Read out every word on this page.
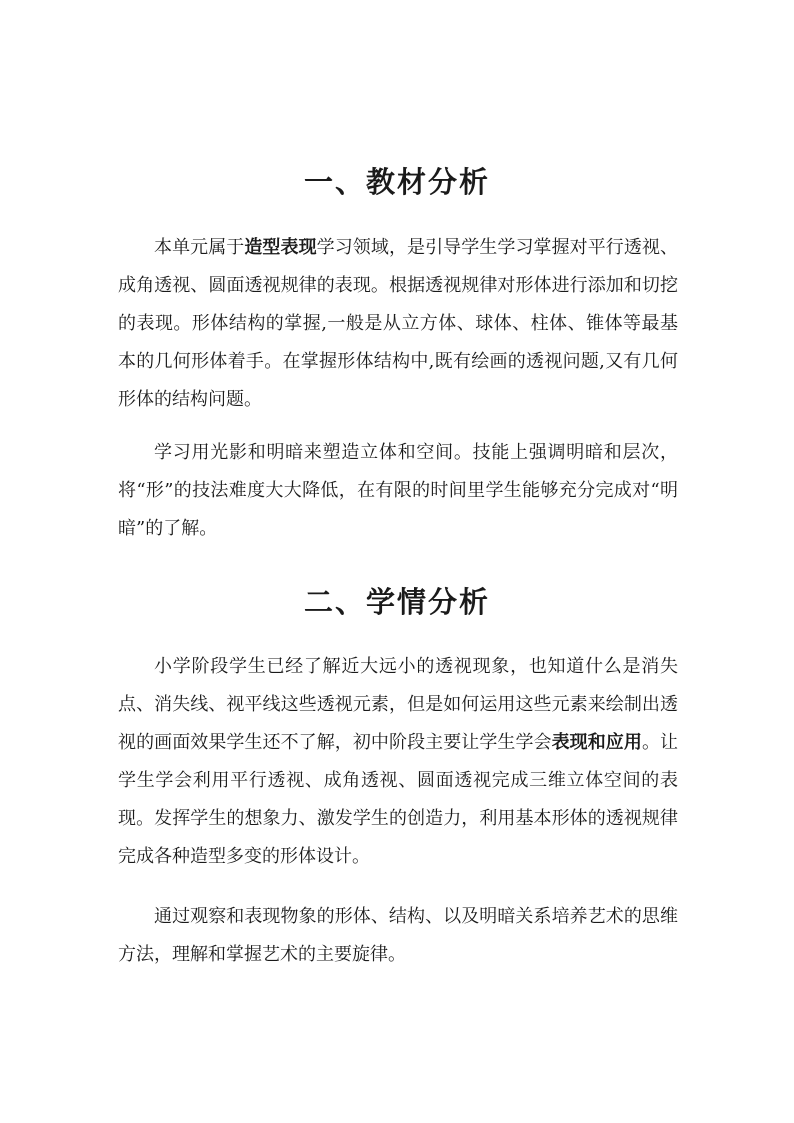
一、教材分析

本单元属于造型表现学习领域，是引导学生学习掌握对平行透视、成角透视、圆面透视规律的表现。根据透视规律对形体进行添加和切挖的表现。形体结构的掌握,一般是从立方体、球体、柱体、锥体等最基本的几何形体着手。在掌握形体结构中,既有绘画的透视问题,又有几何形体的结构问题。

学习用光影和明暗来塑造立体和空间。技能上强调明暗和层次，将“形”的技法难度大大降低，在有限的时间里学生能够充分完成对“明暗”的了解。

二、学情分析

小学阶段学生已经了解近大远小的透视现象，也知道什么是消失点、消失线、视平线这些透视元素，但是如何运用这些元素来绘制出透视的画面效果学生还不了解，初中阶段主要让学生学会表现和应用。让学生学会利用平行透视、成角透视、圆面透视完成三维立体空间的表现。发挥学生的想象力、激发学生的创造力，利用基本形体的透视规律完成各种造型多变的形体设计。

通过观察和表现物象的形体、结构、以及明暗关系培养艺术的思维方法，理解和掌握艺术的主要旋律。
